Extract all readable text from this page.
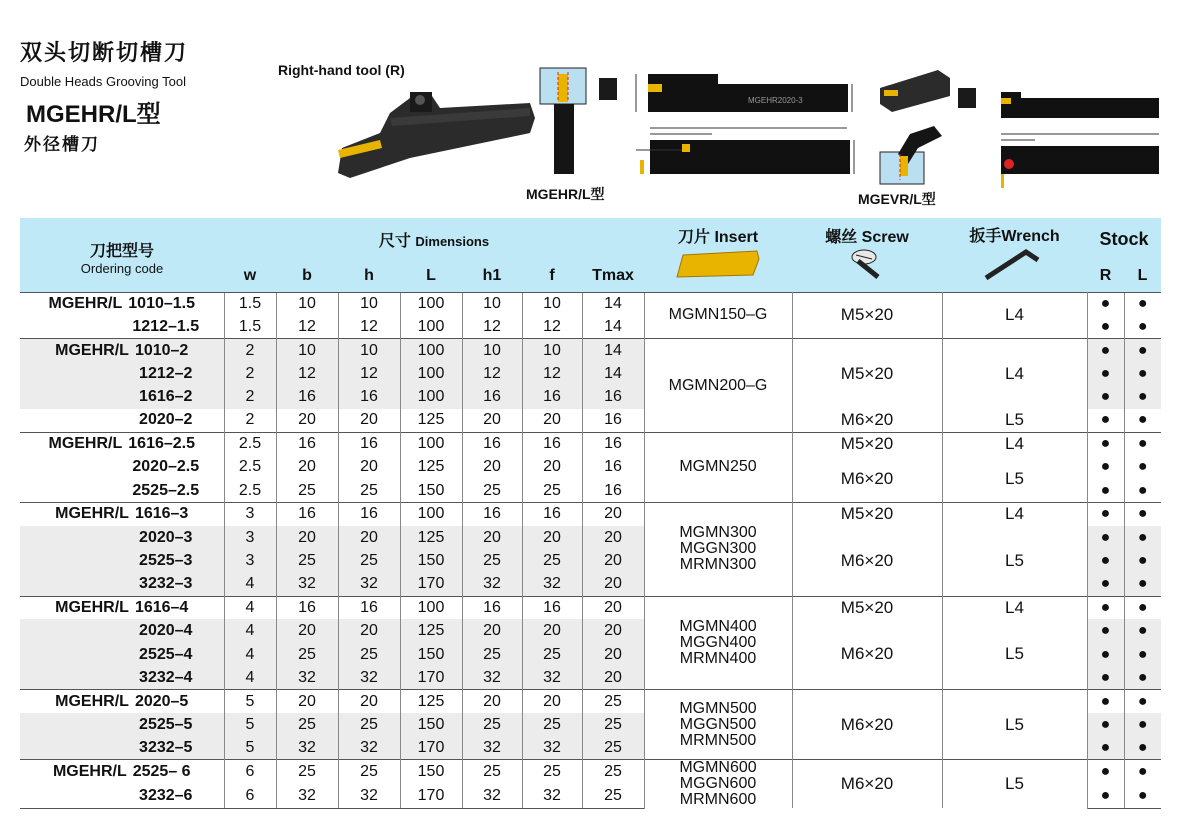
双头切断切槽刀
Double Heads Grooving Tool
MGEHR/L型
外径槽刀
Right-hand tool (R)
MGEHR/L型	MGEVR/L型
MGEHR2020-3
刀把型号
Ordering code	尺寸 Dimensions							刀片 Insert	螺丝 Screw	扳手Wrench	Stock	
	w	b	h	L	h1	f	Tmax				R	L
MGEHR/L 1010–1.5	1.5	10	10	100	10	10	14	MGMN150–G	M5×20	L4	●	●
1212–1.5	1.5	12	12	100	12	12	14				●	●
MGEHR/L 1010–2	2	10	10	100	10	10	14	MGMN200–G	M5×20	L4	●	●
1212–2	2	12	12	100	12	12	14				●	●
1616–2	2	16	16	100	16	16	16				●	●
2020–2	2	20	20	125	20	20	16		M6×20	L5	●	●
MGEHR/L 1616–2.5	2.5	16	16	100	16	16	16	MGMN250	M5×20	L4	●	●
2020–2.5	2.5	20	20	125	20	20	16		M6×20	L5	●	●
2525–2.5	2.5	25	25	150	25	25	16				●	●
MGEHR/L 1616–3	3	16	16	100	16	16	20	MGMN300
MGGN300
MRMN300	M5×20	L4	●	●
2020–3	3	20	20	125	20	20	20		M6×20	L5	●	●
2525–3	3	25	25	150	25	25	20				●	●
3232–3	4	32	32	170	32	32	20				●	●
MGEHR/L 1616–4	4	16	16	100	16	16	20	MGMN400
MGGN400
MRMN400	M5×20	L4	●	●
2020–4	4	20	20	125	20	20	20		M6×20	L5	●	●
2525–4	4	25	25	150	25	25	20				●	●
3232–4	4	32	32	170	32	32	20				●	●
MGEHR/L 2020–5	5	20	20	125	20	20	25	MGMN500
MGGN500
MRMN500	M6×20	L5	●	●
2525–5	5	25	25	150	25	25	25				●	●
3232–5	5	32	32	170	32	32	25				●	●
MGEHR/L 2525– 6	6	25	25	150	25	25	25	MGMN600
MGGN600
MRMN600	M6×20	L5	●	●
3232–6	6	32	32	170	32	32	25				●	●
